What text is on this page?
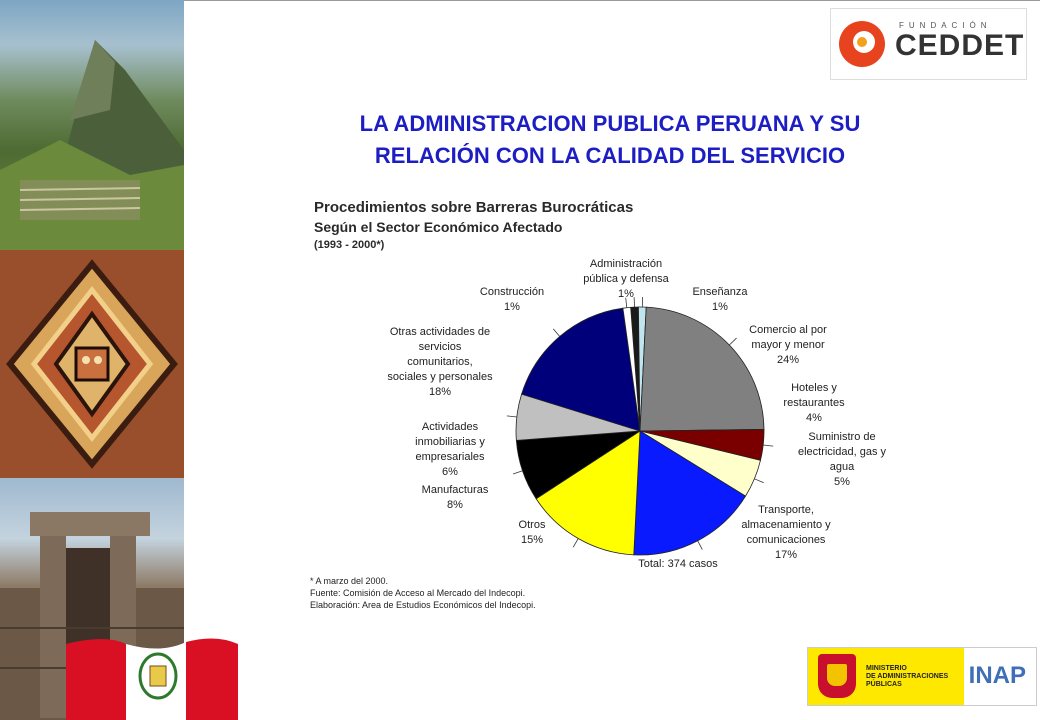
FUNDACIÓN
CEDDET
LA ADMINISTRACION PUBLICA PERUANA Y SU
RELACIÓN CON LA CALIDAD DEL SERVICIO
Administración pública y defensa 1%	Enseñanza 1%
Comercio al por mayor y menor 24%
Hoteles y restaurantes 4%
Suministro de electricidad, gas y agua 5%
Transporte, almacenamiento y comunicaciones 17%
Otros 15%
Manufacturas 8%
Actividades inmobiliarias y empresariales 6%
Otras actividades de servicios comunitarios, sociales y personales 18%
Construcción 1%
Total: 374 casos
Procedimientos sobre Barreras Burocráticas
Según el Sector Económico Afectado
(1993 - 2000*)
* A marzo del 2000.
Fuente: Comisión de Acceso al Mercado del Indecopi.
Elaboración: Area de Estudios Económicos del Indecopi.
MINISTERIO
DE ADMINISTRACIONES
PÚBLICAS	INAP
